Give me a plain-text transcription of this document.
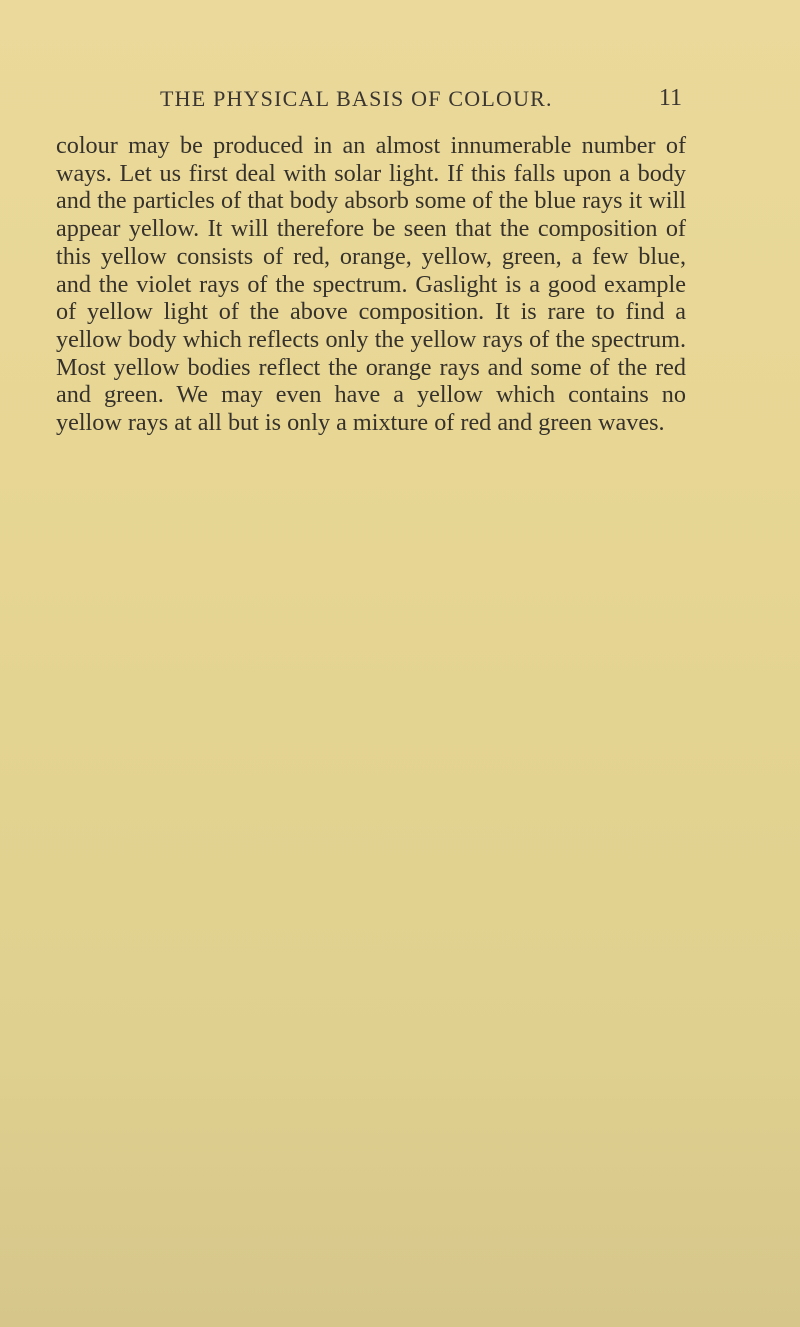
THE PHYSICAL BASIS OF COLOUR.	11

colour may be produced in an almost innumerable number of ways. Let us first deal with solar light. If this falls upon a body and the particles of that body absorb some of the blue rays it will appear yellow. It will therefore be seen that the composition of this yellow consists of red, orange, yellow, green, a few blue, and the violet rays of the spectrum. Gaslight is a good example of yellow light of the above composition. It is rare to find a yellow body which reflects only the yellow rays of the spectrum. Most yellow bodies reflect the orange rays and some of the red and green. We may even have a yellow which contains no yellow rays at all but is only a mixture of red and green waves.
